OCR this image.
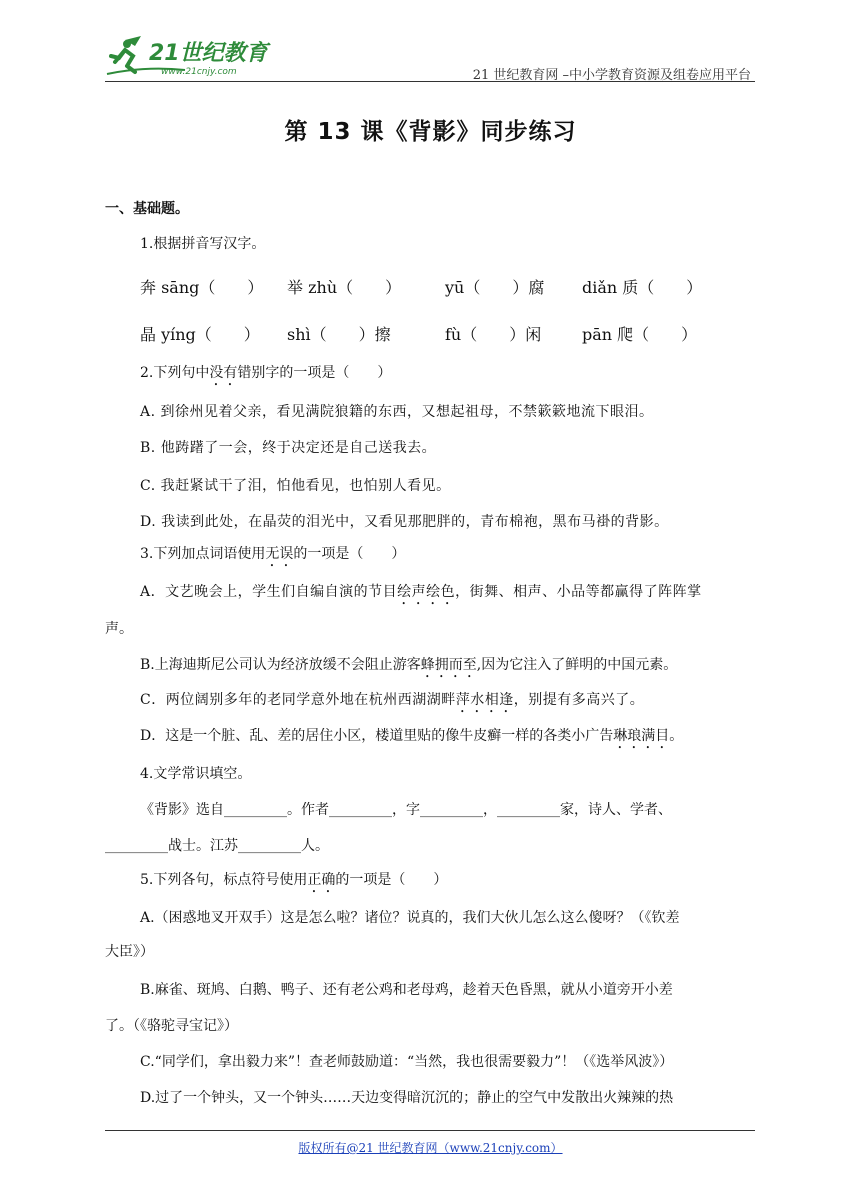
21世纪教育
www.21cnjy.com	21 世纪教育网 –中小学教育资源及组卷应用平台
第 13 课《背影》同步练习
一、基础题。
1.根据拼音写汉字。
奔 sāng（　　） 举 zhù（　　）	yū（　　）腐 diǎn 质（　　）
晶 yíng（　　） shì（　　）擦	fù（　　）闲	pān 爬（　　）
2.下列句中没有错别字的一项是（　　）
A. 到徐州见着父亲，看见满院狼籍的东西，又想起祖母，不禁簌簌地流下眼泪。
B. 他踌躇了一会，终于决定还是自己送我去。
C. 我赶紧试干了泪，怕他看见，也怕别人看见。
D. 我读到此处，在晶荧的泪光中，又看见那肥胖的，青布棉袍，黑布马褂的背影。
3.下列加点词语使用无误的一项是（　　）
A．文艺晚会上，学生们自编自演的节目绘声绘色，街舞、相声、小品等都赢得了阵阵掌
声。
B.上海迪斯尼公司认为经济放缓不会阻止游客蜂拥而至,因为它注入了鲜明的中国元素。
C．两位阔别多年的老同学意外地在杭州西湖湖畔萍水相逢，别提有多高兴了。
D．这是一个脏、乱、差的居住小区，楼道里贴的像牛皮癣一样的各类小广告琳琅满目。
4.文学常识填空。
《背影》选自_________。作者_________，字_________，_________家，诗人、学者、
_________战士。江苏_________人。
5.下列各句，标点符号使用正确的一项是（　　）
A.（困惑地叉开双手）这是怎么啦？诸位？说真的，我们大伙儿怎么这么傻呀？（《钦差
大臣》）
B.麻雀、斑鸠、白鹅、鸭子、还有老公鸡和老母鸡，趁着天色昏黑，就从小道旁开小差
了。（《骆驼寻宝记》）
C.“同学们，拿出毅力来”！查老师鼓励道：“当然，我也很需要毅力”！（《选举风波》）
D.过了一个钟头，又一个钟头……天边变得暗沉沉的；静止的空气中发散出火辣辣的热
版权所有@21 世纪教育网（www.21cnjy.com）
